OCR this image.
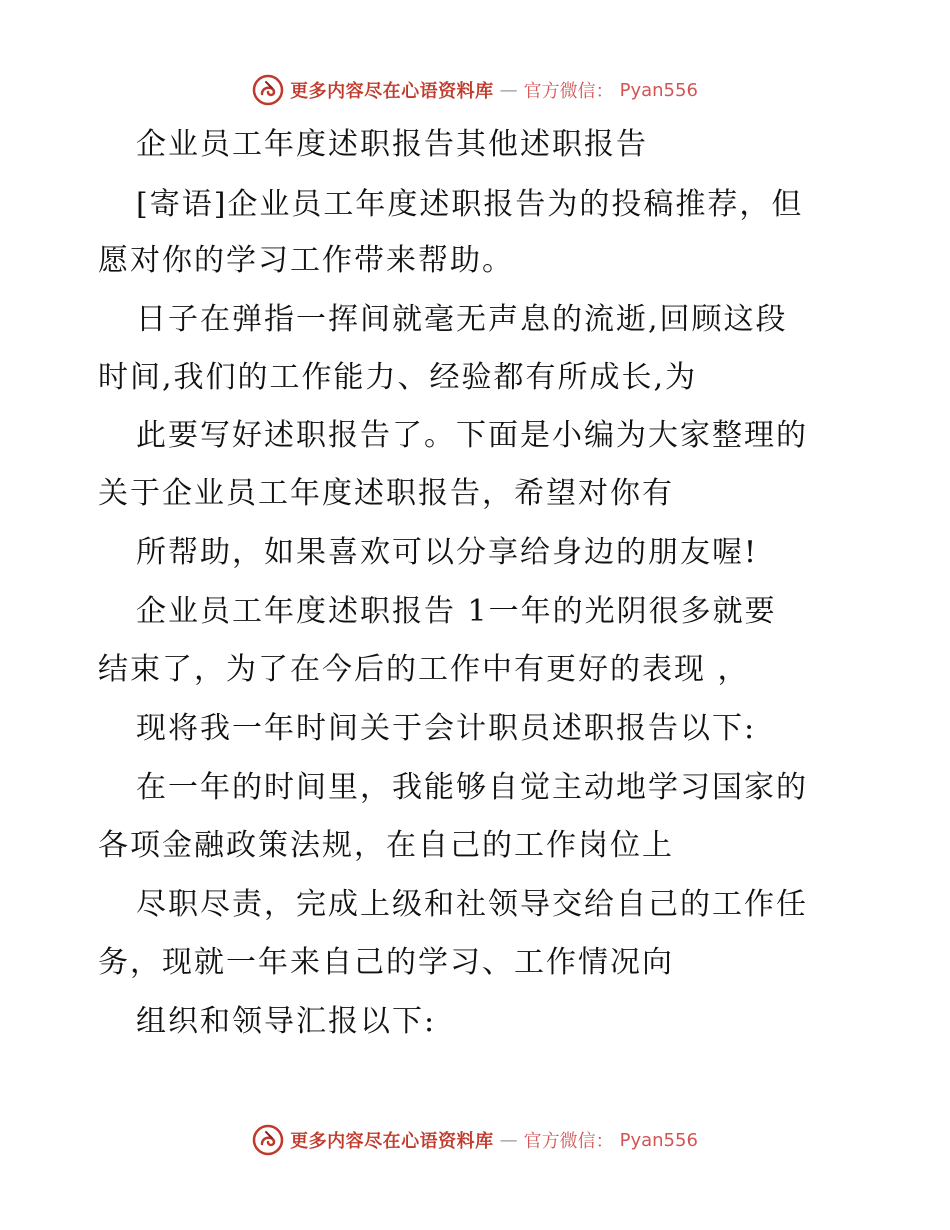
更多内容尽在心语资料库 — 官方微信： Pyan556

企业员工年度述职报告其他述职报告

[寄语]企业员工年度述职报告为的投稿推荐，但

愿对你的学习工作带来帮助。

日子在弹指一挥间就毫无声息的流逝,回顾这段

时间,我们的工作能力、经验都有所成长,为

此要写好述职报告了。下面是小编为大家整理的

关于企业员工年度述职报告，希望对你有

所帮助，如果喜欢可以分享给身边的朋友喔!

企业员工年度述职报告 1一年的光阴很多就要

结束了，为了在今后的工作中有更好的表现 ，

现将我一年时间关于会计职员述职报告以下:

在一年的时间里，我能够自觉主动地学习国家的

各项金融政策法规，在自己的工作岗位上

尽职尽责，完成上级和社领导交给自己的工作任

务，现就一年来自己的学习、工作情况向

组织和领导汇报以下:

更多内容尽在心语资料库 — 官方微信： Pyan556
